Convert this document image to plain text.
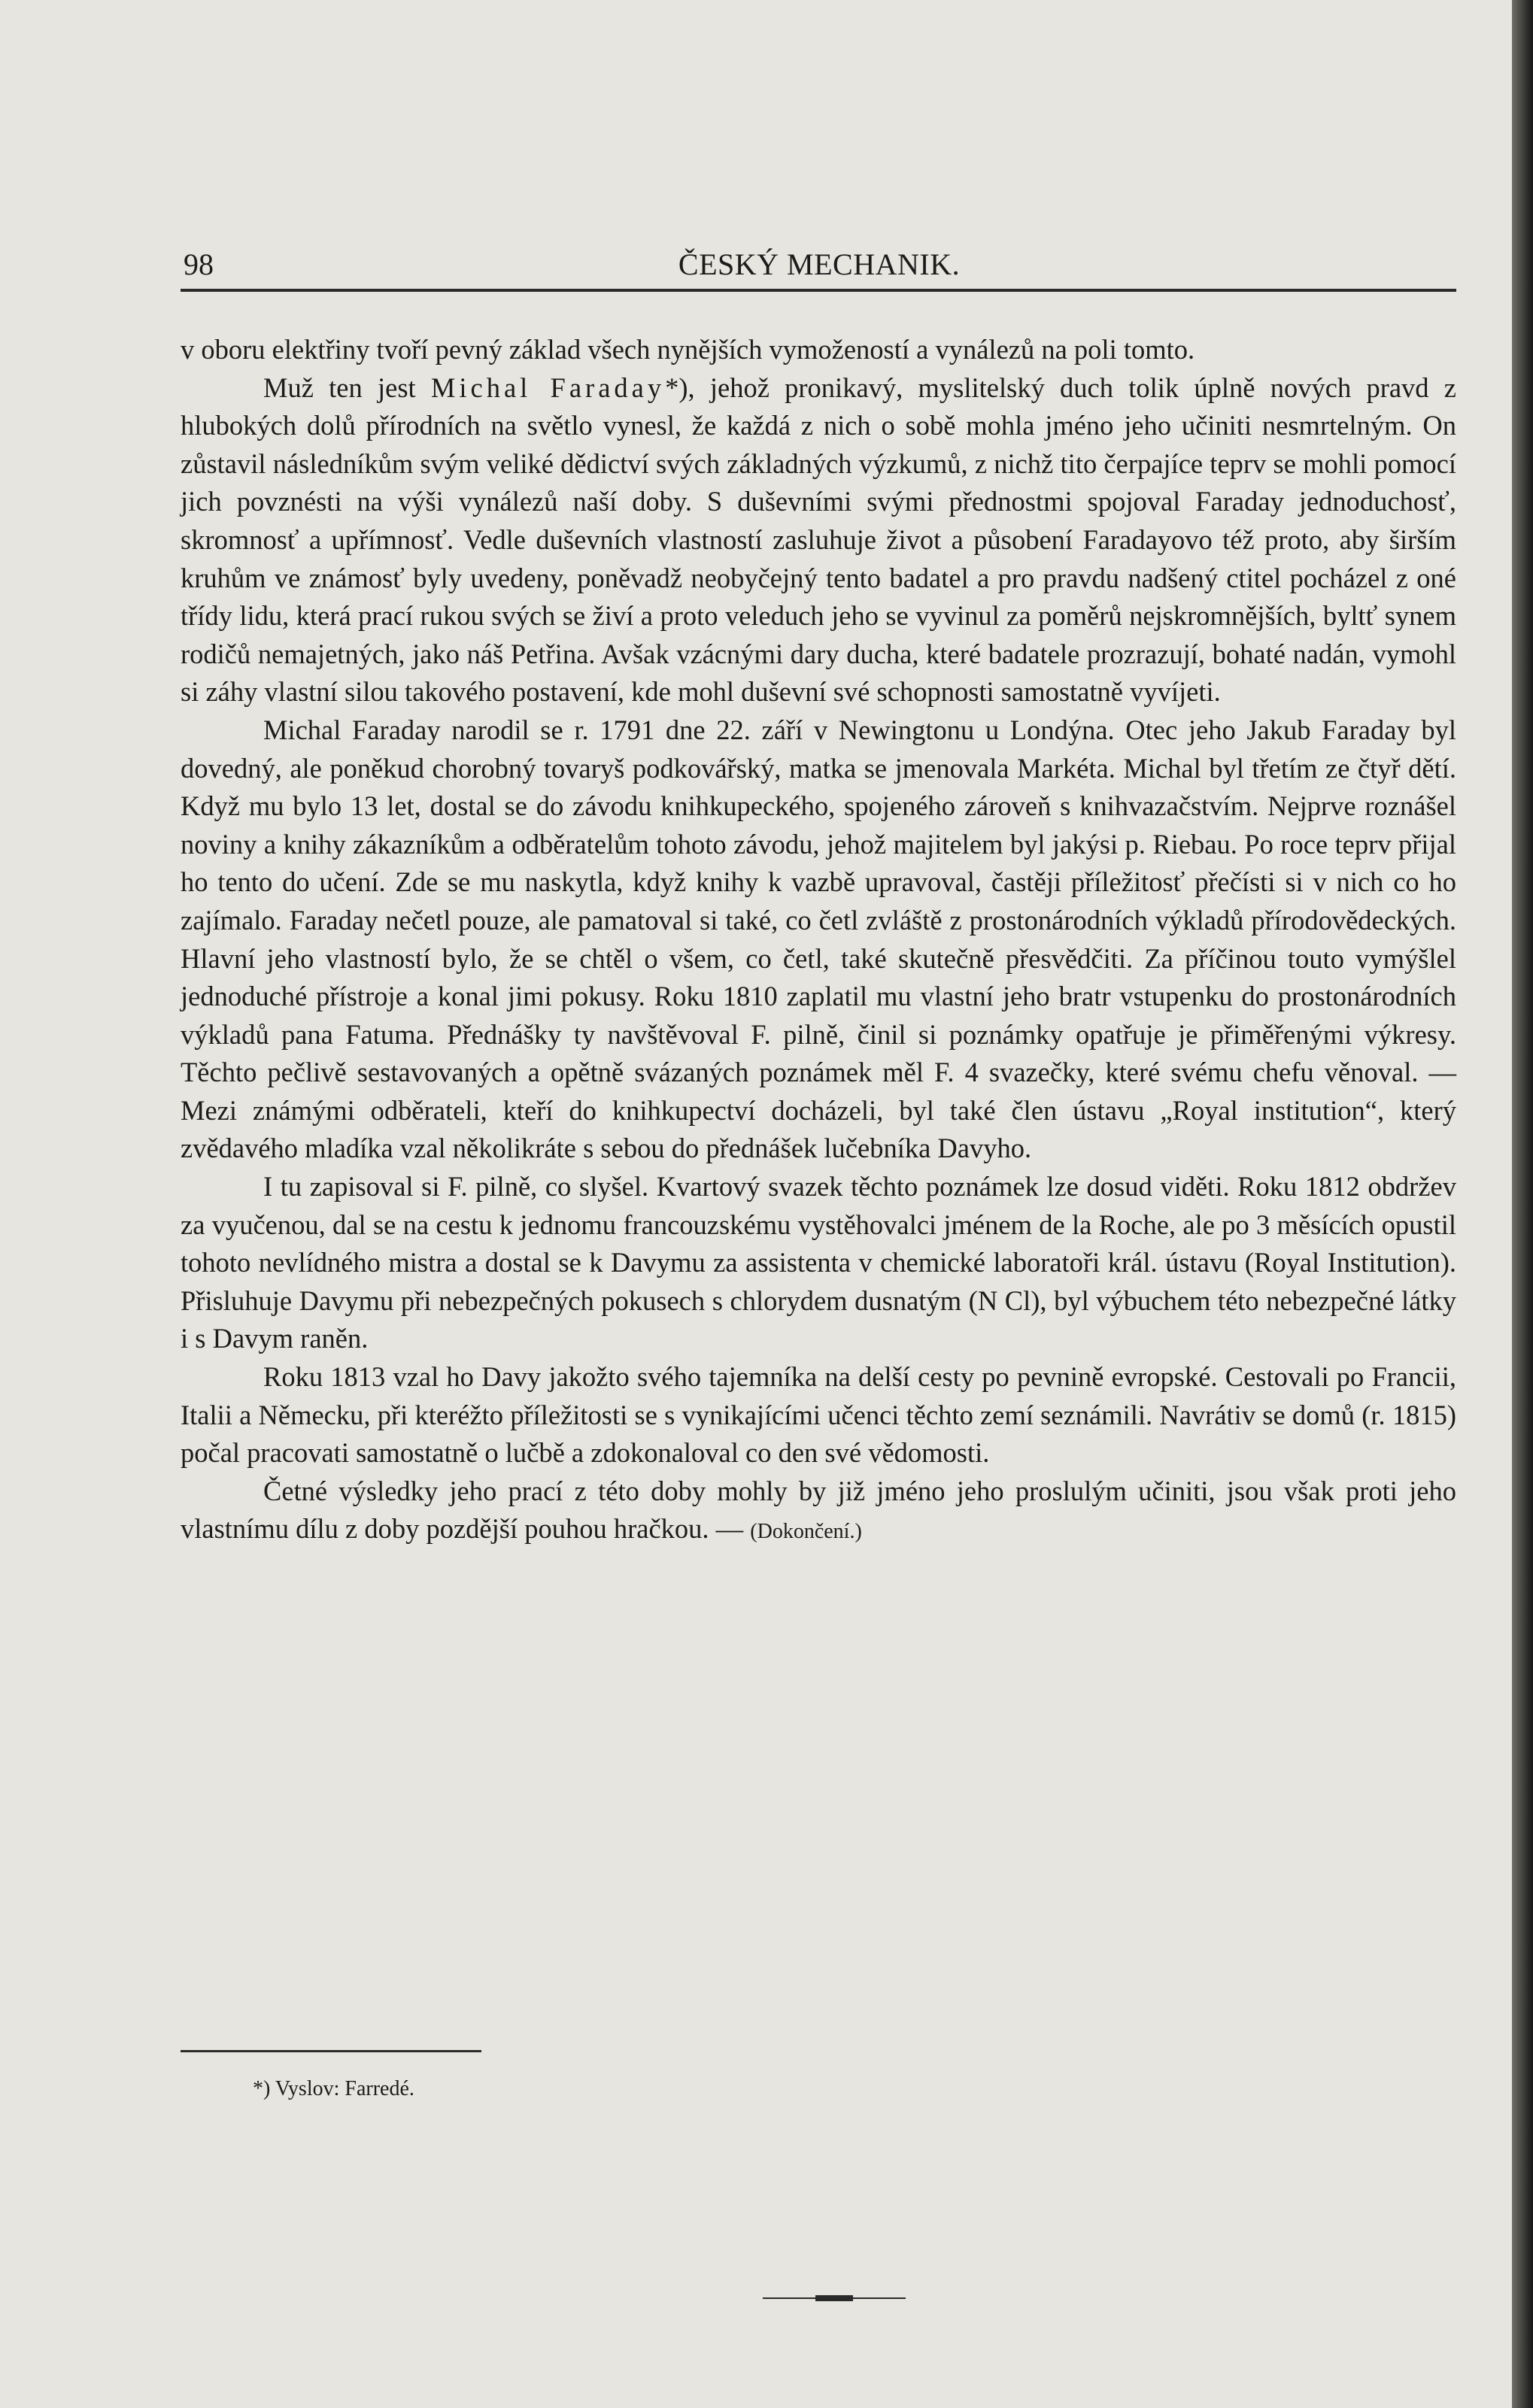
98	ČESKÝ MECHANIK.

v oboru elektřiny tvoří pevný základ všech nynějších vymožeností a vynálezů na poli tomto.

Muž ten jest Michal Faraday*), jehož pronikavý, myslitelský duch tolik úplně nových pravd z hlubokých dolů přírodních na světlo vynesl, že každá z nich o sobě mohla jméno jeho učiniti nesmrtelným. On zůstavil následníkům svým veliké dědictví svých základných výzkumů, z nichž tito čerpajíce teprv se mohli pomocí jich povznésti na výši vynálezů naší doby. S duševními svými přednostmi spojoval Faraday jednoduchosť, skromnosť a upřímnosť. Vedle duševních vlastností zasluhuje život a působení Faradayovo též proto, aby širším kruhům ve známosť byly uvedeny, poněvadž neobyčejný tento badatel a pro pravdu nadšený ctitel pocházel z oné třídy lidu, která prací rukou svých se živí a proto veleduch jeho se vyvinul za poměrů nejskromnějších, byltť synem rodičů nemajetných, jako náš Petřina. Avšak vzácnými dary ducha, které badatele prozrazují, bohaté nadán, vymohl si záhy vlastní silou takového postavení, kde mohl duševní své schopnosti samostatně vyvíjeti.

Michal Faraday narodil se r. 1791 dne 22. září v Newingtonu u Londýna. Otec jeho Jakub Faraday byl dovedný, ale poněkud chorobný tovaryš podkovářský, matka se jmenovala Markéta. Michal byl třetím ze čtyř dětí. Když mu bylo 13 let, dostal se do závodu knihkupeckého, spojeného zároveň s knihvazačstvím. Nejprve roznášel noviny a knihy zákazníkům a odběratelům tohoto závodu, jehož majitelem byl jakýsi p. Riebau. Po roce teprv přijal ho tento do učení. Zde se mu naskytla, když knihy k vazbě upravoval, častěji příležitosť přečísti si v nich co ho zajímalo. Faraday nečetl pouze, ale pamatoval si také, co četl zvláště z prostonárodních výkladů přírodovědeckých. Hlavní jeho vlastností bylo, že se chtěl o všem, co četl, také skutečně přesvědčiti. Za příčinou touto vymýšlel jednoduché přístroje a konal jimi pokusy. Roku 1810 zaplatil mu vlastní jeho bratr vstupenku do prostonárodních výkladů pana Fatuma. Přednášky ty navštěvoval F. pilně, činil si poznámky opatřuje je přiměřenými výkresy. Těchto pečlivě sestavovaných a opětně svázaných poznámek měl F. 4 svazečky, které svému chefu věnoval. — Mezi známými odběrateli, kteří do knihkupectví docházeli, byl také člen ústavu „Royal institution“, který zvědavého mladíka vzal několikráte s sebou do přednášek lučebníka Davyho.

I tu zapisoval si F. pilně, co slyšel. Kvartový svazek těchto poznámek lze dosud viděti. Roku 1812 obdržev za vyučenou, dal se na cestu k jednomu francouzskému vystěhovalci jménem de la Roche, ale po 3 měsících opustil tohoto nevlídného mistra a dostal se k Davymu za assistenta v chemické laboratoři král. ústavu (Royal Institution). Přisluhuje Davymu při nebezpečných pokusech s chlorydem dusnatým (N Cl), byl výbuchem této nebezpečné látky i s Davym raněn.

Roku 1813 vzal ho Davy jakožto svého tajemníka na delší cesty po pevnině evropské. Cestovali po Francii, Italii a Německu, při kteréžto příležitosti se s vynikajícími učenci těchto zemí seznámili. Navrátiv se domů (r. 1815) počal pracovati samostatně o lučbě a zdokonaloval co den své vědomosti.

Četné výsledky jeho prací z této doby mohly by již jméno jeho proslulým učiniti, jsou však proti jeho vlastnímu dílu z doby pozdější pouhou hračkou. — (Dokončení.)

*) Vyslov: Farredé.
